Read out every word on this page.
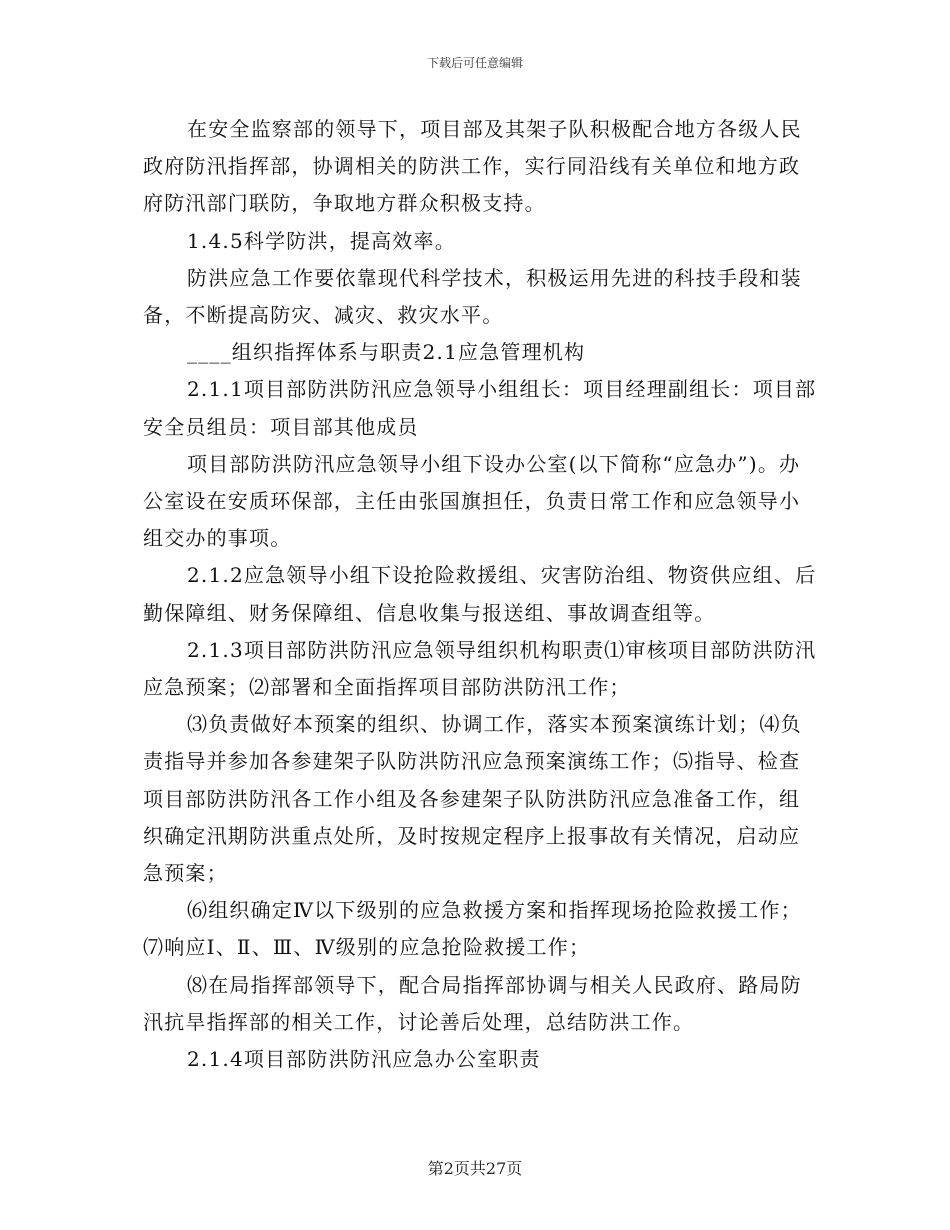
下载后可任意编辑

在安全监察部的领导下，项目部及其架子队积极配合地方各级人民政府防汛指挥部，协调相关的防洪工作，实行同沿线有关单位和地方政府防汛部门联防，争取地方群众积极支持。

1.4.5科学防洪，提高效率。

防洪应急工作要依靠现代科学技术，积极运用先进的科技手段和装备，不断提高防灾、减灾、救灾水平。

____组织指挥体系与职责2.1应急管理机构

2.1.1项目部防洪防汛应急领导小组组长：项目经理副组长：项目部安全员组员：项目部其他成员

项目部防洪防汛应急领导小组下设办公室(以下简称“应急办”)。办公室设在安质环保部，主任由张国旗担任，负责日常工作和应急领导小组交办的事项。

2.1.2应急领导小组下设抢险救援组、灾害防治组、物资供应组、后勤保障组、财务保障组、信息收集与报送组、事故调查组等。

2.1.3项目部防洪防汛应急领导组织机构职责⑴审核项目部防洪防汛应急预案；⑵部署和全面指挥项目部防洪防汛工作；

⑶负责做好本预案的组织、协调工作，落实本预案演练计划；⑷负责指导并参加各参建架子队防洪防汛应急预案演练工作；⑸指导、检查项目部防洪防汛各工作小组及各参建架子队防洪防汛应急准备工作，组织确定汛期防洪重点处所，及时按规定程序上报事故有关情况，启动应急预案；

⑹组织确定Ⅳ以下级别的应急救援方案和指挥现场抢险救援工作；⑺响应Ⅰ、Ⅱ、Ⅲ、Ⅳ级别的应急抢险救援工作；

⑻在局指挥部领导下，配合局指挥部协调与相关人民政府、路局防汛抗旱指挥部的相关工作，讨论善后处理，总结防洪工作。

2.1.4项目部防洪防汛应急办公室职责

第2页共27页
